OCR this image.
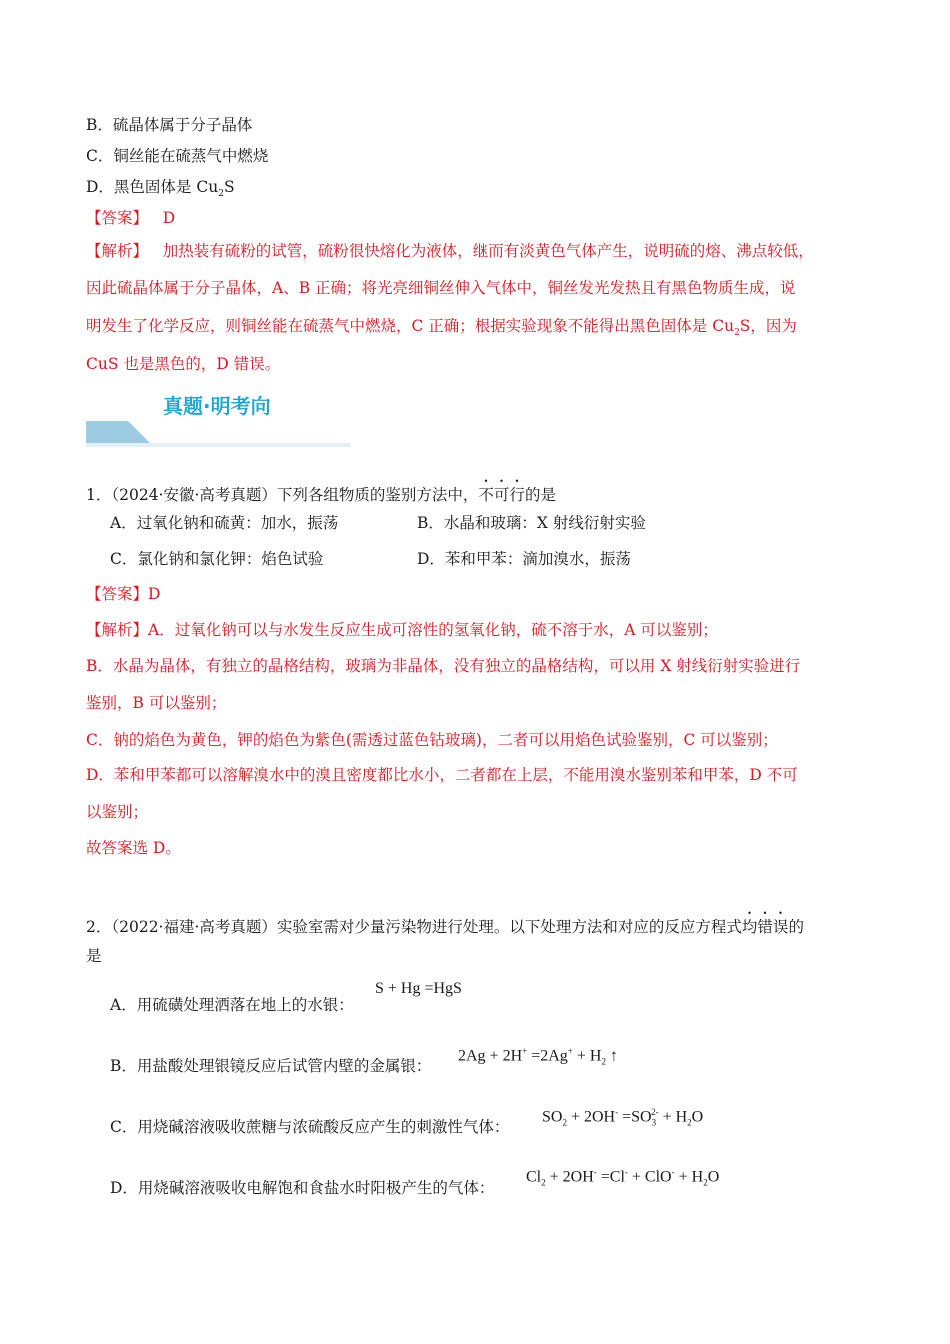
B．硫晶体属于分子晶体
C．铜丝能在硫蒸气中燃烧
D．黑色固体是 $Cu_2S$
【答案】 D
【解析】 加热装有硫粉的试管，硫粉很快熔化为液体，继而有淡黄色气体产生，说明硫的熔、沸点较低，
因此硫晶体属于分子晶体，A、B 正确；将光亮细铜丝伸入气体中，铜丝发光发热且有黑色物质生成，说
明发生了化学反应，则铜丝能在硫蒸气中燃烧，C 正确；根据实验现象不能得出黑色固体是 $Cu_2S$，因为
CuS 也是黑色的，D 错误。
真题·明考向
1．（2024·安徽·高考真题）下列各组物质的鉴别方法中，不可行的是
A．过氧化钠和硫黄：加水，振荡	B．水晶和玻璃：X 射线衍射实验
C．氯化钠和氯化钾：焰色试验	D．苯和甲苯：滴加溴水，振荡
【答案】D
【解析】A．过氧化钠可以与水发生反应生成可溶性的氢氧化钠，硫不溶于水，A 可以鉴别；
B．水晶为晶体，有独立的晶格结构，玻璃为非晶体，没有独立的晶格结构，可以用 X 射线衍射实验进行
鉴别，B 可以鉴别；
C．钠的焰色为黄色，钾的焰色为紫色(需透过蓝色钴玻璃)，二者可以用焰色试验鉴别，C 可以鉴别；
D．苯和甲苯都可以溶解溴水中的溴且密度都比水小，二者都在上层，不能用溴水鉴别苯和甲苯，D 不可
以鉴别；
故答案选 D。
2．（2022·福建·高考真题）实验室需对少量污染物进行处理。以下处理方法和对应的反应方程式均错误的
是
A．用硫磺处理洒落在地上的水银：
S + Hg =HgS
B．用盐酸处理银镜反应后试管内壁的金属银：
$2Ag + 2H^+ =2Ag^+ + H_2$ ↑
C．用烧碱溶液吸收蔗糖与浓硫酸反应产生的刺激性气体：
$SO_2 + 2OH^- =SO_3^{2-} + H_2O$
D．用烧碱溶液吸收电解饱和食盐水时阳极产生的气体：
$Cl_2 + 2OH^- =Cl^- + ClO^- + H_2O$
